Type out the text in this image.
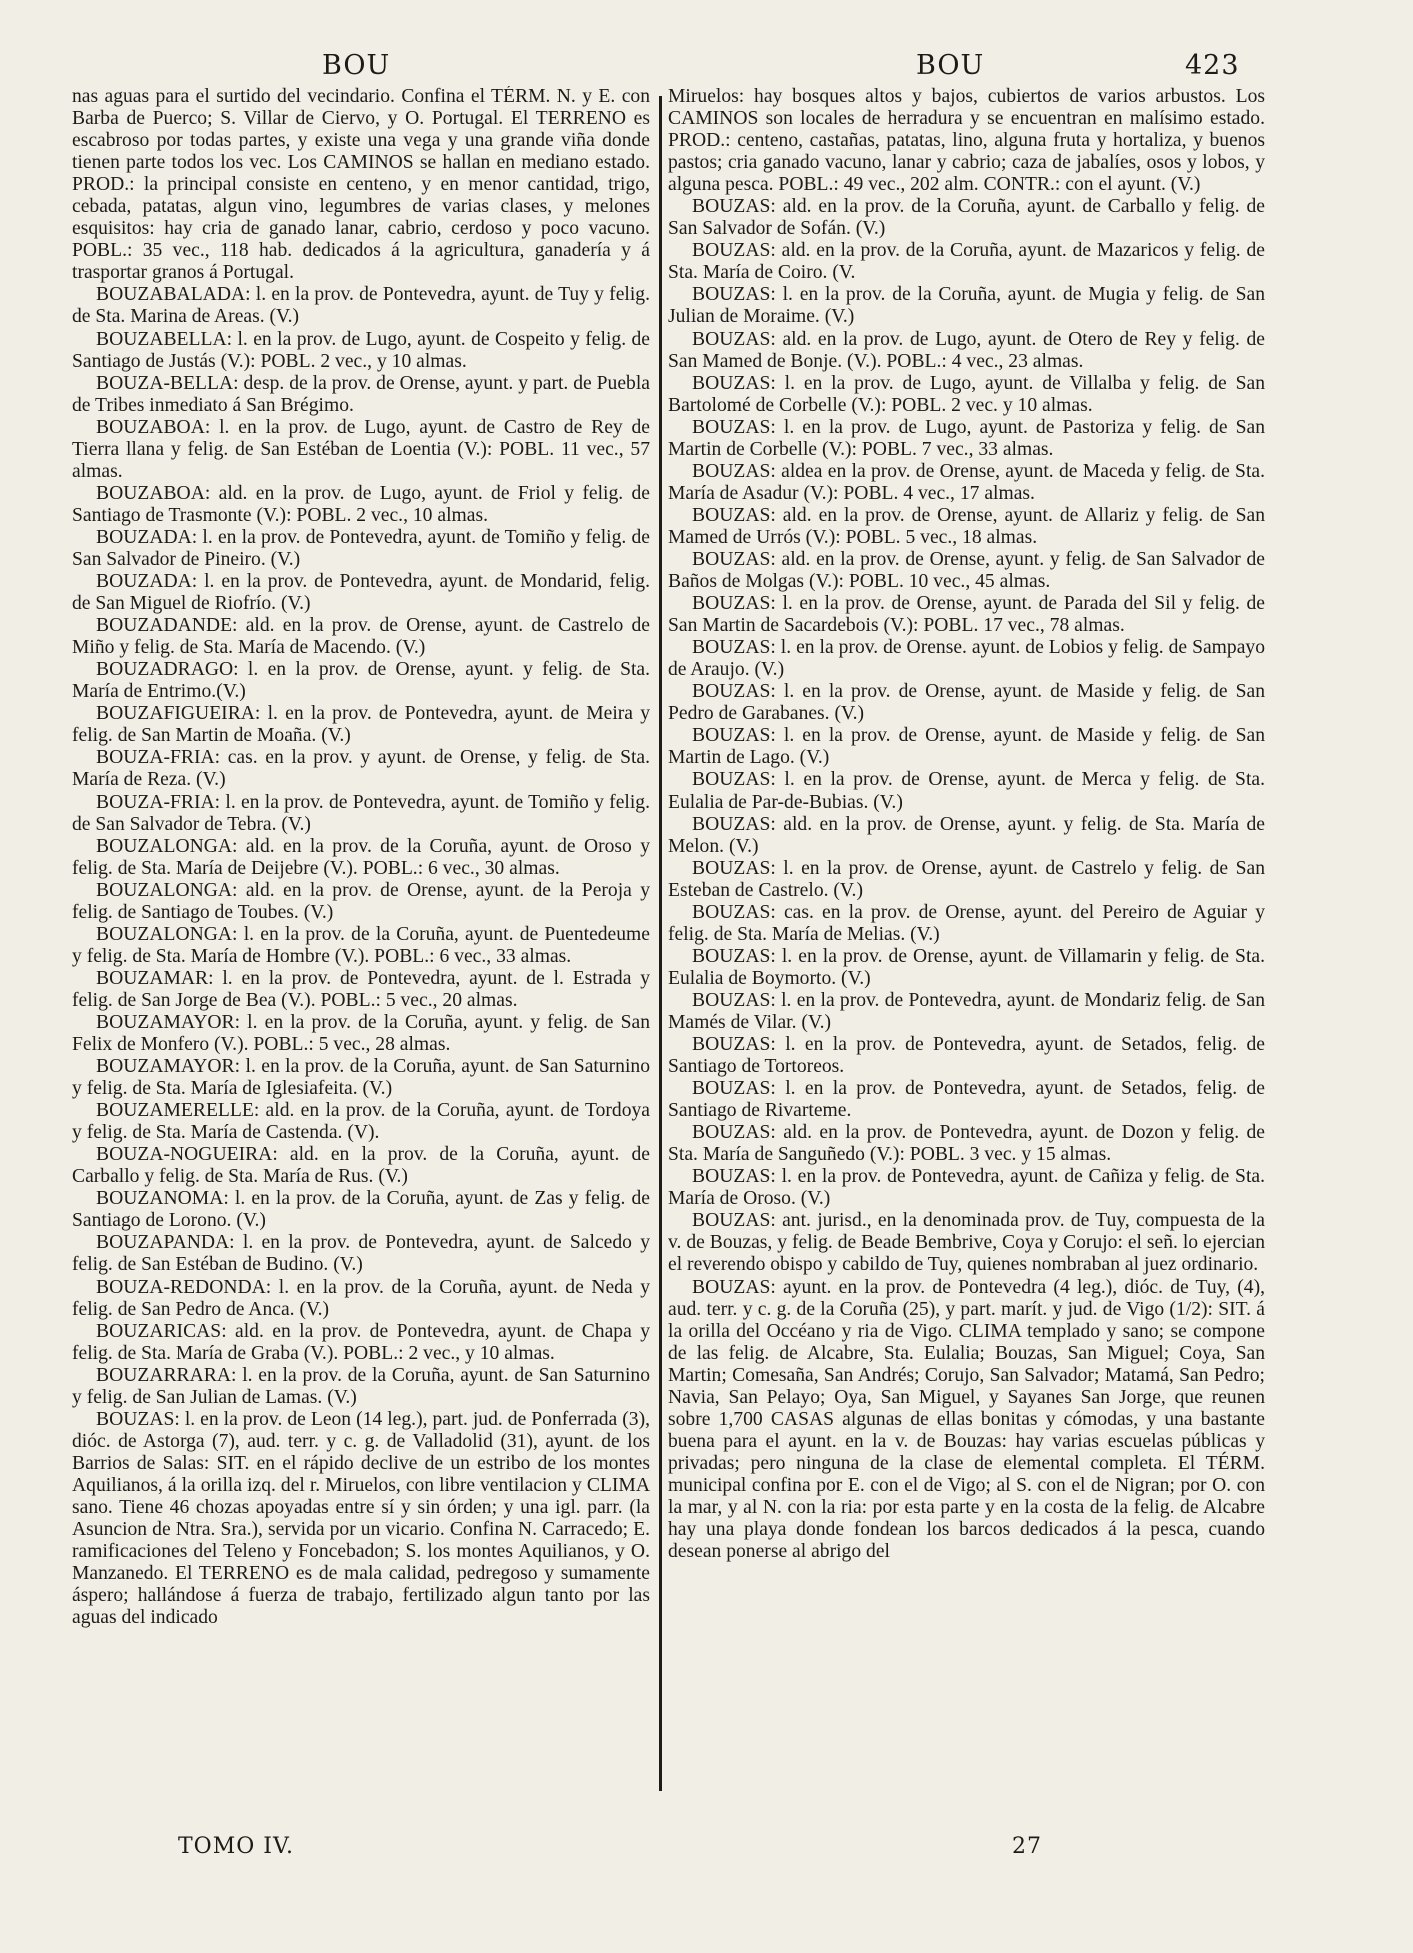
BOU	BOU	423

nas aguas para el surtido del vecindario. Confina el TÉRM. N. y E. con Barba de Puerco; S. Villar de Ciervo, y O. Portugal. El TERRENO es escabroso por todas partes, y existe una vega y una grande viña donde tienen parte todos los vec. Los CAMINOS se hallan en mediano estado. PROD.: la principal consiste en centeno, y en menor cantidad, trigo, cebada, patatas, algun vino, legumbres de varias clases, y melones esquisitos: hay cria de ganado lanar, cabrio, cerdoso y poco vacuno. POBL.: 35 vec., 118 hab. dedicados á la agricultura, ganadería y á trasportar granos á Portugal.

BOUZABALADA: l. en la prov. de Pontevedra, ayunt. de Tuy y felig. de Sta. Marina de Areas. (V.)

BOUZABELLA: l. en la prov. de Lugo, ayunt. de Cospeito y felig. de Santiago de Justás (V.): POBL. 2 vec., y 10 almas.

BOUZA-BELLA: desp. de la prov. de Orense, ayunt. y part. de Puebla de Tribes inmediato á San Brégimo.

BOUZABOA: l. en la prov. de Lugo, ayunt. de Castro de Rey de Tierra llana y felig. de San Estéban de Loentia (V.): POBL. 11 vec., 57 almas.

BOUZABOA: ald. en la prov. de Lugo, ayunt. de Friol y felig. de Santiago de Trasmonte (V.): POBL. 2 vec., 10 almas.

BOUZADA: l. en la prov. de Pontevedra, ayunt. de Tomiño y felig. de San Salvador de Pineiro. (V.)

BOUZADA: l. en la prov. de Pontevedra, ayunt. de Mondarid, felig. de San Miguel de Riofrío. (V.)

BOUZADANDE: ald. en la prov. de Orense, ayunt. de Castrelo de Miño y felig. de Sta. María de Macendo. (V.)

BOUZADRAGO: l. en la prov. de Orense, ayunt. y felig. de Sta. María de Entrimo.(V.)

BOUZAFIGUEIRA: l. en la prov. de Pontevedra, ayunt. de Meira y felig. de San Martin de Moaña. (V.)

BOUZA-FRIA: cas. en la prov. y ayunt. de Orense, y felig. de Sta. María de Reza. (V.)

BOUZA-FRIA: l. en la prov. de Pontevedra, ayunt. de Tomiño y felig. de San Salvador de Tebra. (V.)

BOUZALONGA: ald. en la prov. de la Coruña, ayunt. de Oroso y felig. de Sta. María de Deijebre (V.). POBL.: 6 vec., 30 almas.

BOUZALONGA: ald. en la prov. de Orense, ayunt. de la Peroja y felig. de Santiago de Toubes. (V.)

BOUZALONGA: l. en la prov. de la Coruña, ayunt. de Puentedeume y felig. de Sta. María de Hombre (V.). POBL.: 6 vec., 33 almas.

BOUZAMAR: l. en la prov. de Pontevedra, ayunt. de l. Estrada y felig. de San Jorge de Bea (V.). POBL.: 5 vec., 20 almas.

BOUZAMAYOR: l. en la prov. de la Coruña, ayunt. y felig. de San Felix de Monfero (V.). POBL.: 5 vec., 28 almas.

BOUZAMAYOR: l. en la prov. de la Coruña, ayunt. de San Saturnino y felig. de Sta. María de Iglesiafeita. (V.)

BOUZAMERELLE: ald. en la prov. de la Coruña, ayunt. de Tordoya y felig. de Sta. María de Castenda. (V).

BOUZA-NOGUEIRA: ald. en la prov. de la Coruña, ayunt. de Carballo y felig. de Sta. María de Rus. (V.)

BOUZANOMA: l. en la prov. de la Coruña, ayunt. de Zas y felig. de Santiago de Lorono. (V.)

BOUZAPANDA: l. en la prov. de Pontevedra, ayunt. de Salcedo y felig. de San Estéban de Budino. (V.)

BOUZA-REDONDA: l. en la prov. de la Coruña, ayunt. de Neda y felig. de San Pedro de Anca. (V.)

BOUZARICAS: ald. en la prov. de Pontevedra, ayunt. de Chapa y felig. de Sta. María de Graba (V.). POBL.: 2 vec., y 10 almas.

BOUZARRARA: l. en la prov. de la Coruña, ayunt. de San Saturnino y felig. de San Julian de Lamas. (V.)

BOUZAS: l. en la prov. de Leon (14 leg.), part. jud. de Ponferrada (3), dióc. de Astorga (7), aud. terr. y c. g. de Valladolid (31), ayunt. de los Barrios de Salas: SIT. en el rápido declive de un estribo de los montes Aquilianos, á la orilla izq. del r. Miruelos, con libre ventilacion y CLIMA sano. Tiene 46 chozas apoyadas entre sí y sin órden; y una igl. parr. (la Asuncion de Ntra. Sra.), servida por un vicario. Confina N. Carracedo; E. ramificaciones del Teleno y Foncebadon; S. los montes Aquilianos, y O. Manzanedo. El TERRENO es de mala calidad, pedregoso y sumamente áspero; hallándose á fuerza de trabajo, fertilizado algun tanto por las aguas del indicado

Miruelos: hay bosques altos y bajos, cubiertos de varios arbustos. Los CAMINOS son locales de herradura y se encuentran en malísimo estado. PROD.: centeno, castañas, patatas, lino, alguna fruta y hortaliza, y buenos pastos; cria ganado vacuno, lanar y cabrio; caza de jabalíes, osos y lobos, y alguna pesca. POBL.: 49 vec., 202 alm. CONTR.: con el ayunt. (V.)

BOUZAS: ald. en la prov. de la Coruña, ayunt. de Carballo y felig. de San Salvador de Sofán. (V.)

BOUZAS: ald. en la prov. de la Coruña, ayunt. de Mazaricos y felig. de Sta. María de Coiro. (V.

BOUZAS: l. en la prov. de la Coruña, ayunt. de Mugia y felig. de San Julian de Moraime. (V.)

BOUZAS: ald. en la prov. de Lugo, ayunt. de Otero de Rey y felig. de San Mamed de Bonje. (V.). POBL.: 4 vec., 23 almas.

BOUZAS: l. en la prov. de Lugo, ayunt. de Villalba y felig. de San Bartolomé de Corbelle (V.): POBL. 2 vec. y 10 almas.

BOUZAS: l. en la prov. de Lugo, ayunt. de Pastoriza y felig. de San Martin de Corbelle (V.): POBL. 7 vec., 33 almas.

BOUZAS: aldea en la prov. de Orense, ayunt. de Maceda y felig. de Sta. María de Asadur (V.): POBL. 4 vec., 17 almas.

BOUZAS: ald. en la prov. de Orense, ayunt. de Allariz y felig. de San Mamed de Urrós (V.): POBL. 5 vec., 18 almas.

BOUZAS: ald. en la prov. de Orense, ayunt. y felig. de San Salvador de Baños de Molgas (V.): POBL. 10 vec., 45 almas.

BOUZAS: l. en la prov. de Orense, ayunt. de Parada del Sil y felig. de San Martin de Sacardebois (V.): POBL. 17 vec., 78 almas.

BOUZAS: l. en la prov. de Orense. ayunt. de Lobios y felig. de Sampayo de Araujo. (V.)

BOUZAS: l. en la prov. de Orense, ayunt. de Maside y felig. de San Pedro de Garabanes. (V.)

BOUZAS: l. en la prov. de Orense, ayunt. de Maside y felig. de San Martin de Lago. (V.)

BOUZAS: l. en la prov. de Orense, ayunt. de Merca y felig. de Sta. Eulalia de Par-de-Bubias. (V.)

BOUZAS: ald. en la prov. de Orense, ayunt. y felig. de Sta. María de Melon. (V.)

BOUZAS: l. en la prov. de Orense, ayunt. de Castrelo y felig. de San Esteban de Castrelo. (V.)

BOUZAS: cas. en la prov. de Orense, ayunt. del Pereiro de Aguiar y felig. de Sta. María de Melias. (V.)

BOUZAS: l. en la prov. de Orense, ayunt. de Villamarin y felig. de Sta. Eulalia de Boymorto. (V.)

BOUZAS: l. en la prov. de Pontevedra, ayunt. de Mondariz felig. de San Mamés de Vilar. (V.)

BOUZAS: l. en la prov. de Pontevedra, ayunt. de Setados, felig. de Santiago de Tortoreos.

BOUZAS: l. en la prov. de Pontevedra, ayunt. de Setados, felig. de Santiago de Rivarteme.

BOUZAS: ald. en la prov. de Pontevedra, ayunt. de Dozon y felig. de Sta. María de Sanguñedo (V.): POBL. 3 vec. y 15 almas.

BOUZAS: l. en la prov. de Pontevedra, ayunt. de Cañiza y felig. de Sta. María de Oroso. (V.)

BOUZAS: ant. jurisd., en la denominada prov. de Tuy, compuesta de la v. de Bouzas, y felig. de Beade Bembrive, Coya y Corujo: el señ. lo ejercian el reverendo obispo y cabildo de Tuy, quienes nombraban al juez ordinario.

BOUZAS: ayunt. en la prov. de Pontevedra (4 leg.), dióc. de Tuy, (4), aud. terr. y c. g. de la Coruña (25), y part. marít. y jud. de Vigo (1/2): SIT. á la orilla del Occéano y ria de Vigo. CLIMA templado y sano; se compone de las felig. de Alcabre, Sta. Eulalia; Bouzas, San Miguel; Coya, San Martin; Comesaña, San Andrés; Corujo, San Salvador; Matamá, San Pedro; Navia, San Pelayo; Oya, San Miguel, y Sayanes San Jorge, que reunen sobre 1,700 CASAS algunas de ellas bonitas y cómodas, y una bastante buena para el ayunt. en la v. de Bouzas: hay varias escuelas públicas y privadas; pero ninguna de la clase de elemental completa. El TÉRM. municipal confina por E. con el de Vigo; al S. con el de Nigran; por O. con la mar, y al N. con la ria: por esta parte y en la costa de la felig. de Alcabre hay una playa donde fondean los barcos dedicados á la pesca, cuando desean ponerse al abrigo del

TOMO IV.	27
